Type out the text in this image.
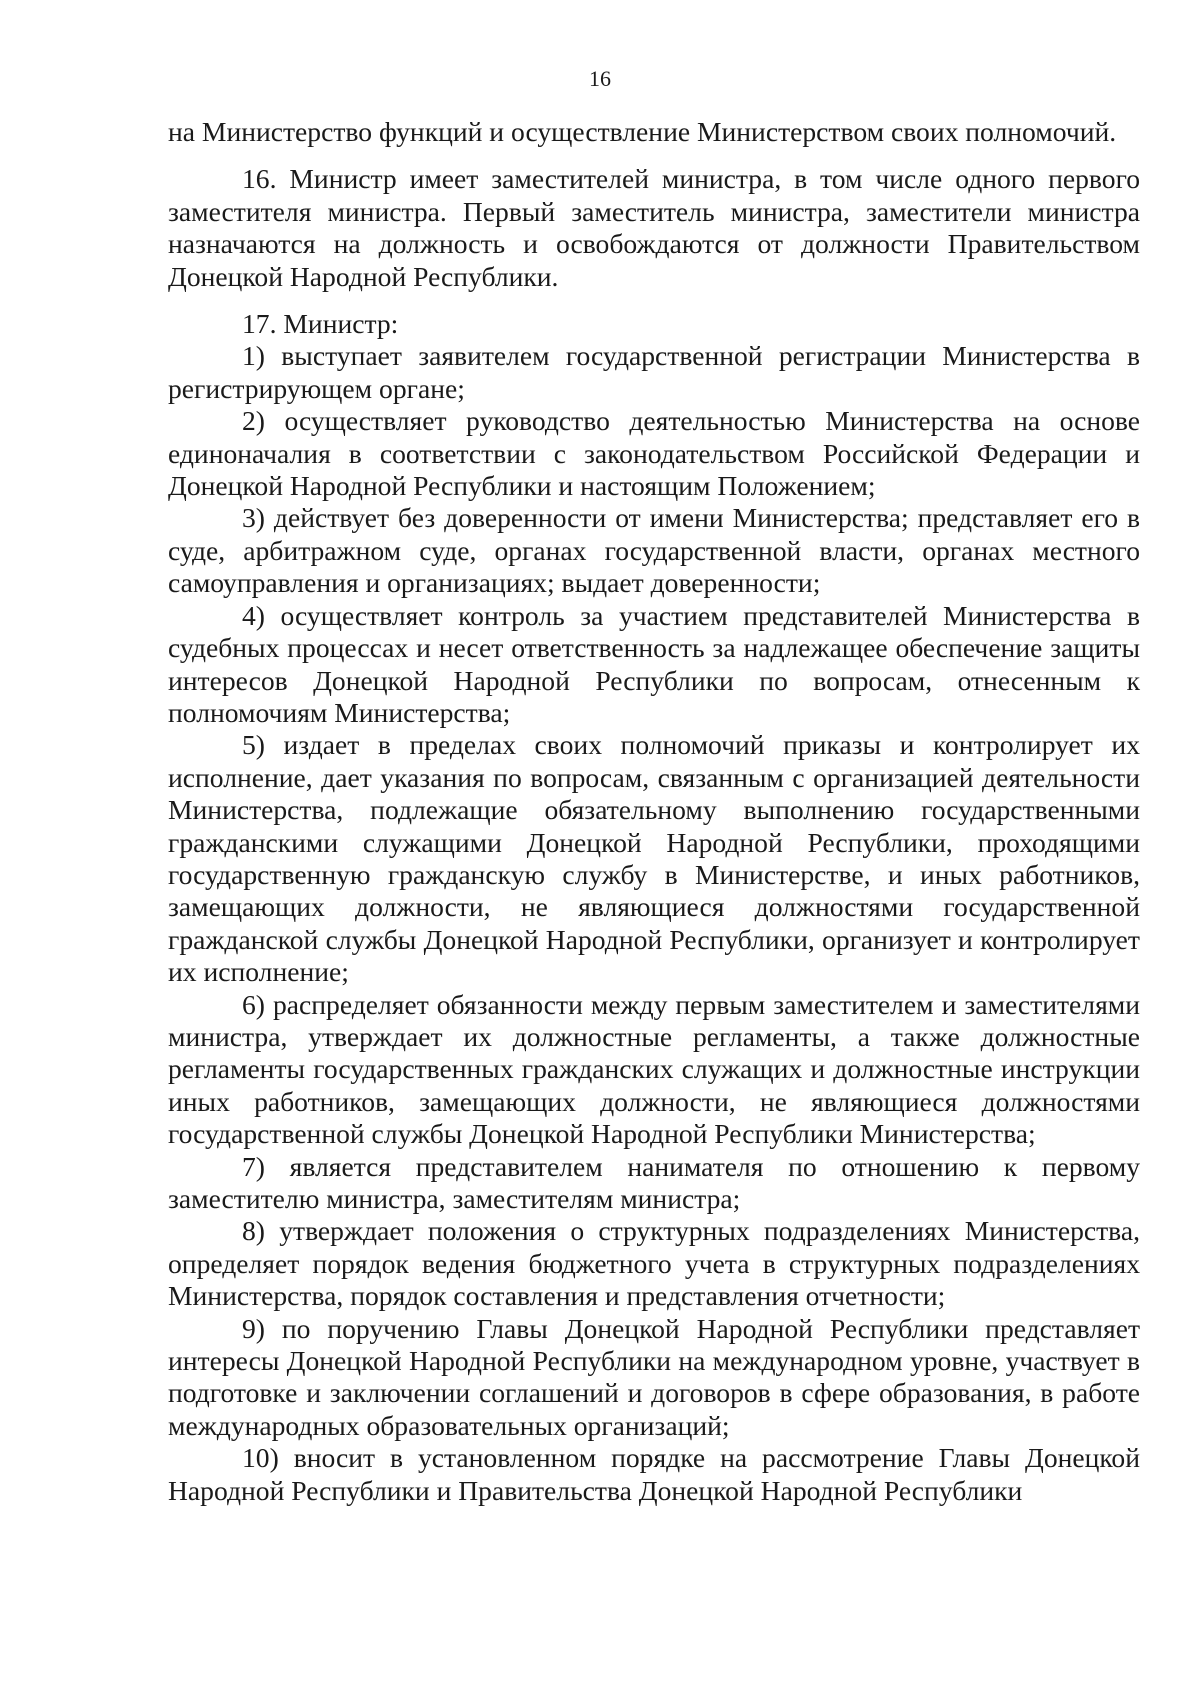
16

на Министерство функций и осуществление Министерством своих полномочий.

16. Министр имеет заместителей министра, в том числе одного первого заместителя министра. Первый заместитель министра, заместители министра назначаются на должность и освобождаются от должности Правительством Донецкой Народной Республики.

17. Министр:

1) выступает заявителем государственной регистрации Министерства в регистрирующем органе;

2) осуществляет руководство деятельностью Министерства на основе единоначалия в соответствии с законодательством Российской Федерации и Донецкой Народной Республики и настоящим Положением;

3) действует без доверенности от имени Министерства; представляет его в суде, арбитражном суде, органах государственной власти, органах местного самоуправления и организациях; выдает доверенности;

4) осуществляет контроль за участием представителей Министерства в судебных процессах и несет ответственность за надлежащее обеспечение защиты интересов Донецкой Народной Республики по вопросам, отнесенным к полномочиям Министерства;

5) издает в пределах своих полномочий приказы и контролирует их исполнение, дает указания по вопросам, связанным с организацией деятельности Министерства, подлежащие обязательному выполнению государственными гражданскими служащими Донецкой Народной Республики, проходящими государственную гражданскую службу в Министерстве, и иных работников, замещающих должности, не являющиеся должностями государственной гражданской службы Донецкой Народной Республики, организует и контролирует их исполнение;

6) распределяет обязанности между первым заместителем и заместителями министра, утверждает их должностные регламенты, а также должностные регламенты государственных гражданских служащих и должностные инструкции иных работников, замещающих должности, не являющиеся должностями государственной службы Донецкой Народной Республики Министерства;

7) является представителем нанимателя по отношению к первому заместителю министра, заместителям министра;

8) утверждает положения о структурных подразделениях Министерства, определяет порядок ведения бюджетного учета в структурных подразделениях Министерства, порядок составления и представления отчетности;

9) по поручению Главы Донецкой Народной Республики представляет интересы Донецкой Народной Республики на международном уровне, участвует в подготовке и заключении соглашений и договоров в сфере образования, в работе международных образовательных организаций;

10) вносит в установленном порядке на рассмотрение Главы Донецкой Народной Республики и Правительства Донецкой Народной Республики
